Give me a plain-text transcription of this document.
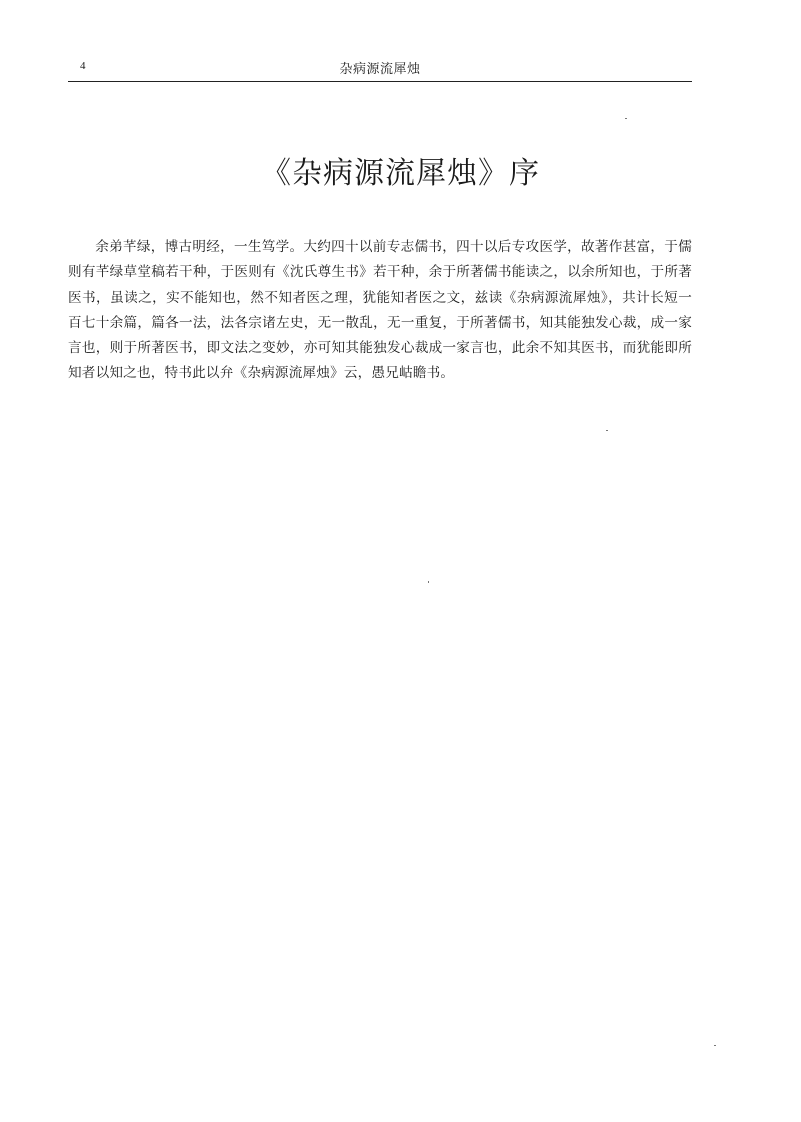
4	杂病源流犀烛
《杂病源流犀烛》序

余弟芊绿，博古明经，一生笃学。大约四十以前专志儒书，四十以后专攻医学，故著作甚富，于儒则有芊绿草堂稿若干种，于医则有《沈氏尊生书》若干种，余于所著儒书能读之，以余所知也，于所著医书，虽读之，实不能知也，然不知者医之理，犹能知者医之文，兹读《杂病源流犀烛》，共计长短一百七十余篇，篇各一法，法各宗诸左史，无一散乱，无一重复，于所著儒书，知其能独发心裁，成一家言也，则于所著医书，即文法之变妙，亦可知其能独发心裁成一家言也，此余不知其医书，而犹能即所知者以知之也，特书此以弁《杂病源流犀烛》云，愚兄岵瞻书。
